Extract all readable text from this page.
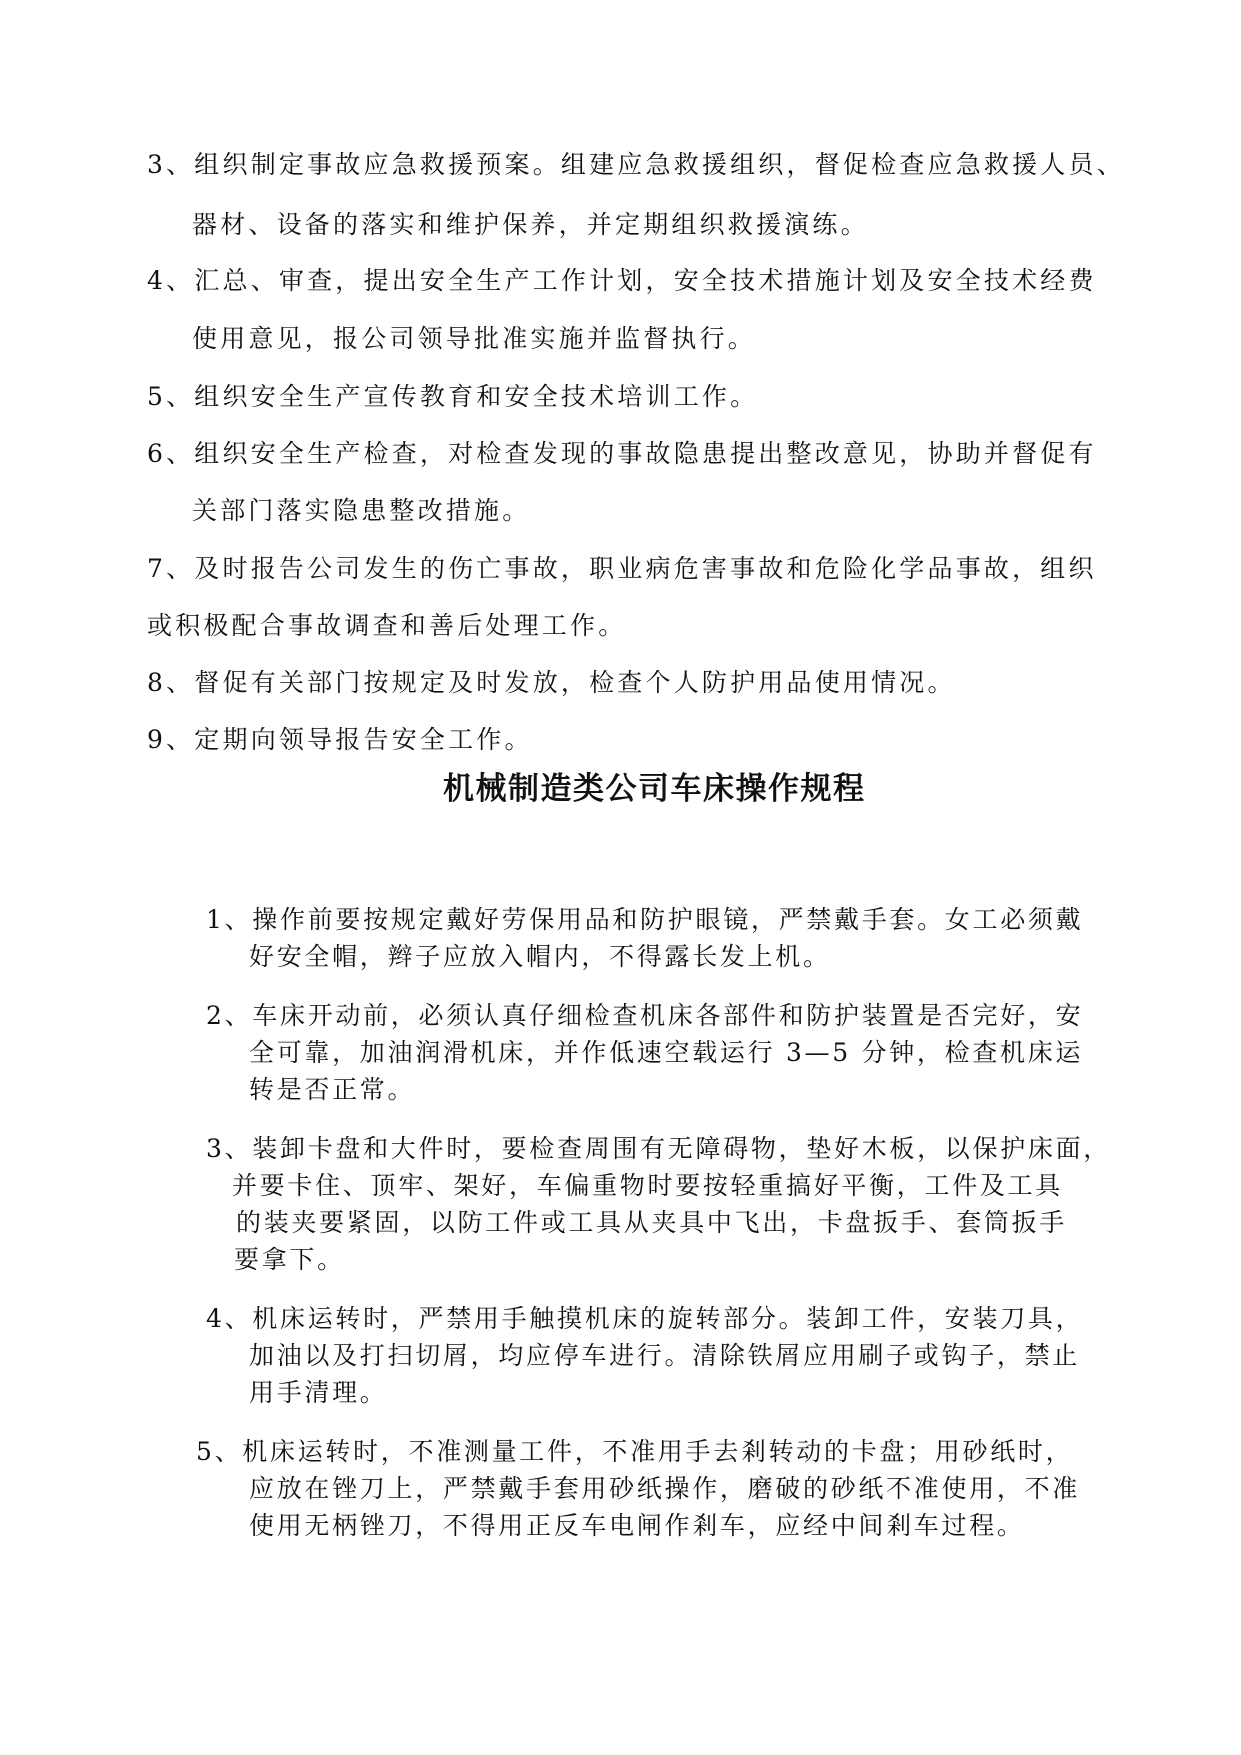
3、组织制定事故应急救援预案。组建应急救援组织，督促检查应急救援人员、
器材、设备的落实和维护保养，并定期组织救援演练。
4、汇总、审查，提出安全生产工作计划，安全技术措施计划及安全技术经费
使用意见，报公司领导批准实施并监督执行。
5、组织安全生产宣传教育和安全技术培训工作。
6、组织安全生产检查，对检查发现的事故隐患提出整改意见，协助并督促有
关部门落实隐患整改措施。
7、及时报告公司发生的伤亡事故，职业病危害事故和危险化学品事故，组织
或积极配合事故调查和善后处理工作。
8、督促有关部门按规定及时发放，检查个人防护用品使用情况。
9、定期向领导报告安全工作。
机械制造类公司车床操作规程
1、操作前要按规定戴好劳保用品和防护眼镜，严禁戴手套。女工必须戴
好安全帽，辫子应放入帽内，不得露长发上机。
2、车床开动前，必须认真仔细检查机床各部件和防护装置是否完好，安
全可靠，加油润滑机床，并作低速空载运行 3—5 分钟，检查机床运
转是否正常。
3、装卸卡盘和大件时，要检查周围有无障碍物，垫好木板，以保护床面，
并要卡住、顶牢、架好，车偏重物时要按轻重搞好平衡，工件及工具
的装夹要紧固，以防工件或工具从夹具中飞出，卡盘扳手、套筒扳手
要拿下。
4、机床运转时，严禁用手触摸机床的旋转部分。装卸工件，安装刀具，
加油以及打扫切屑，均应停车进行。清除铁屑应用刷子或钩子，禁止
用手清理。
5、机床运转时，不准测量工件，不准用手去剎转动的卡盘；用砂纸时，
应放在锉刀上，严禁戴手套用砂纸操作，磨破的砂纸不准使用，不准
使用无柄锉刀，不得用正反车电闸作剎车，应经中间剎车过程。
